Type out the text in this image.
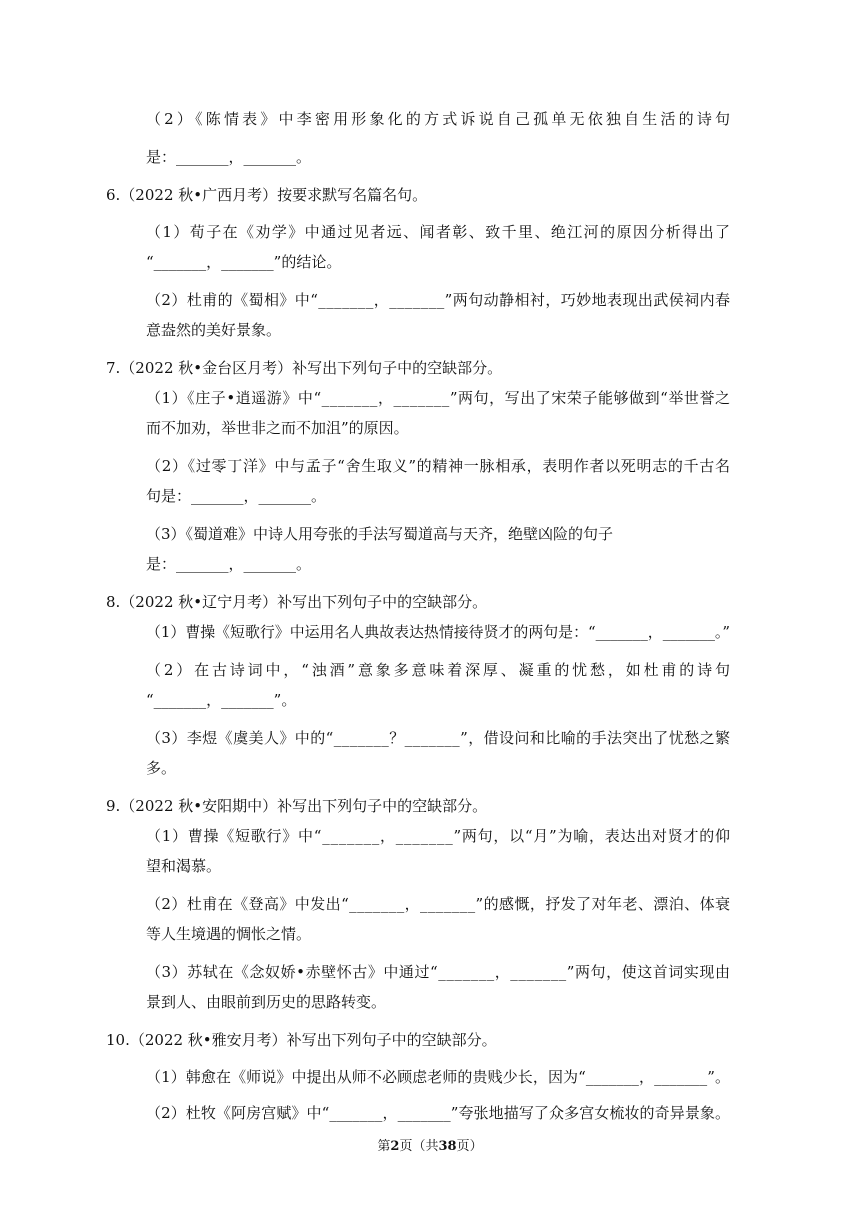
（2）《陈情表》中李密用形象化的方式诉说自己孤单无依独自生活的诗句
是：_______，_______。
6.（2022 秋•广西月考）按要求默写名篇名句。
（1）荀子在《劝学》中通过见者远、闻者彰、致千里、绝江河的原因分析得出了
“_______，_______”的结论。
（2）杜甫的《蜀相》中“_______，_______”两句动静相衬，巧妙地表现出武侯祠内春
意盎然的美好景象。
7.（2022 秋•金台区月考）补写出下列句子中的空缺部分。
（1）《庄子•逍遥游》中“_______，_______”两句，写出了宋荣子能够做到“举世誉之
而不加劝，举世非之而不加沮”的原因。
（2）《过零丁洋》中与孟子“舍生取义”的精神一脉相承，表明作者以死明志的千古名
句是：_______，_______。
（3）《蜀道难》中诗人用夸张的手法写蜀道高与天齐，绝壁凶险的句子
是：_______，_______。
8.（2022 秋•辽宁月考）补写出下列句子中的空缺部分。
（1）曹操《短歌行》中运用名人典故表达热情接待贤才的两句是：“_______，_______。”
（2）在古诗词中，“浊酒”意象多意味着深厚、凝重的忧愁，如杜甫的诗句
“_______，_______”。
（3）李煜《虞美人》中的“_______？_______”，借设问和比喻的手法突出了忧愁之繁
多。
9.（2022 秋•安阳期中）补写出下列句子中的空缺部分。
（1）曹操《短歌行》中“_______，_______”两句，以“月”为喻，表达出对贤才的仰
望和渴慕。
（2）杜甫在《登高》中发出“_______，_______”的感慨，抒发了对年老、漂泊、体衰
等人生境遇的惆怅之情。
（3）苏轼在《念奴娇•赤壁怀古》中通过“_______，_______”两句，使这首词实现由
景到人、由眼前到历史的思路转变。
10.（2022 秋•雅安月考）补写出下列句子中的空缺部分。
（1）韩愈在《师说》中提出从师不必顾虑老师的贵贱少长，因为“_______，_______”。
（2）杜牧《阿房宫赋》中“_______，_______”夸张地描写了众多宫女梳妆的奇异景象。
第2页（共38页）
